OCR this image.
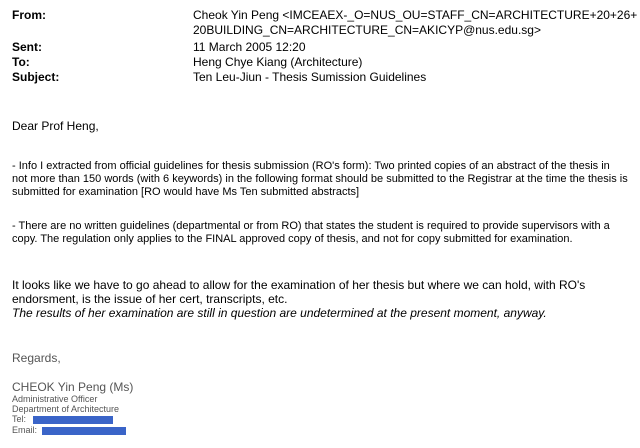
From:	Cheok Yin Peng <IMCEAEX-_O=NUS_OU=STAFF_CN=ARCHITECTURE+20+26+
20BUILDING_CN=ARCHITECTURE_CN=AKICYP@nus.edu.sg>
Sent:	11 March 2005 12:20
To:	Heng Chye Kiang (Architecture)
Subject:	Ten Leu-Jiun - Thesis Sumission Guidelines
Dear Prof Heng,
- Info I extracted from official guidelines for thesis submission (RO's form): Two printed copies of an abstract of the thesis in
not more than 150 words (with 6 keywords) in the following format should be submitted to the Registrar at the time the thesis is
submitted for examination [RO would have Ms Ten submitted abstracts]
- There are no written guidelines (departmental or from RO) that states the student is required to provide supervisors with a
copy. The regulation only applies to the FINAL approved copy of thesis, and not for copy submitted for examination.
It looks like we have to go ahead to allow for the examination of her thesis but where we can hold, with RO's
endorsment, is the issue of her cert, transcripts, etc.
The results of her examination are still in question are undetermined at the present moment, anyway.
Regards,
CHEOK Yin Peng (Ms)
Administrative Officer
Department of Architecture
Tel:
Email:
